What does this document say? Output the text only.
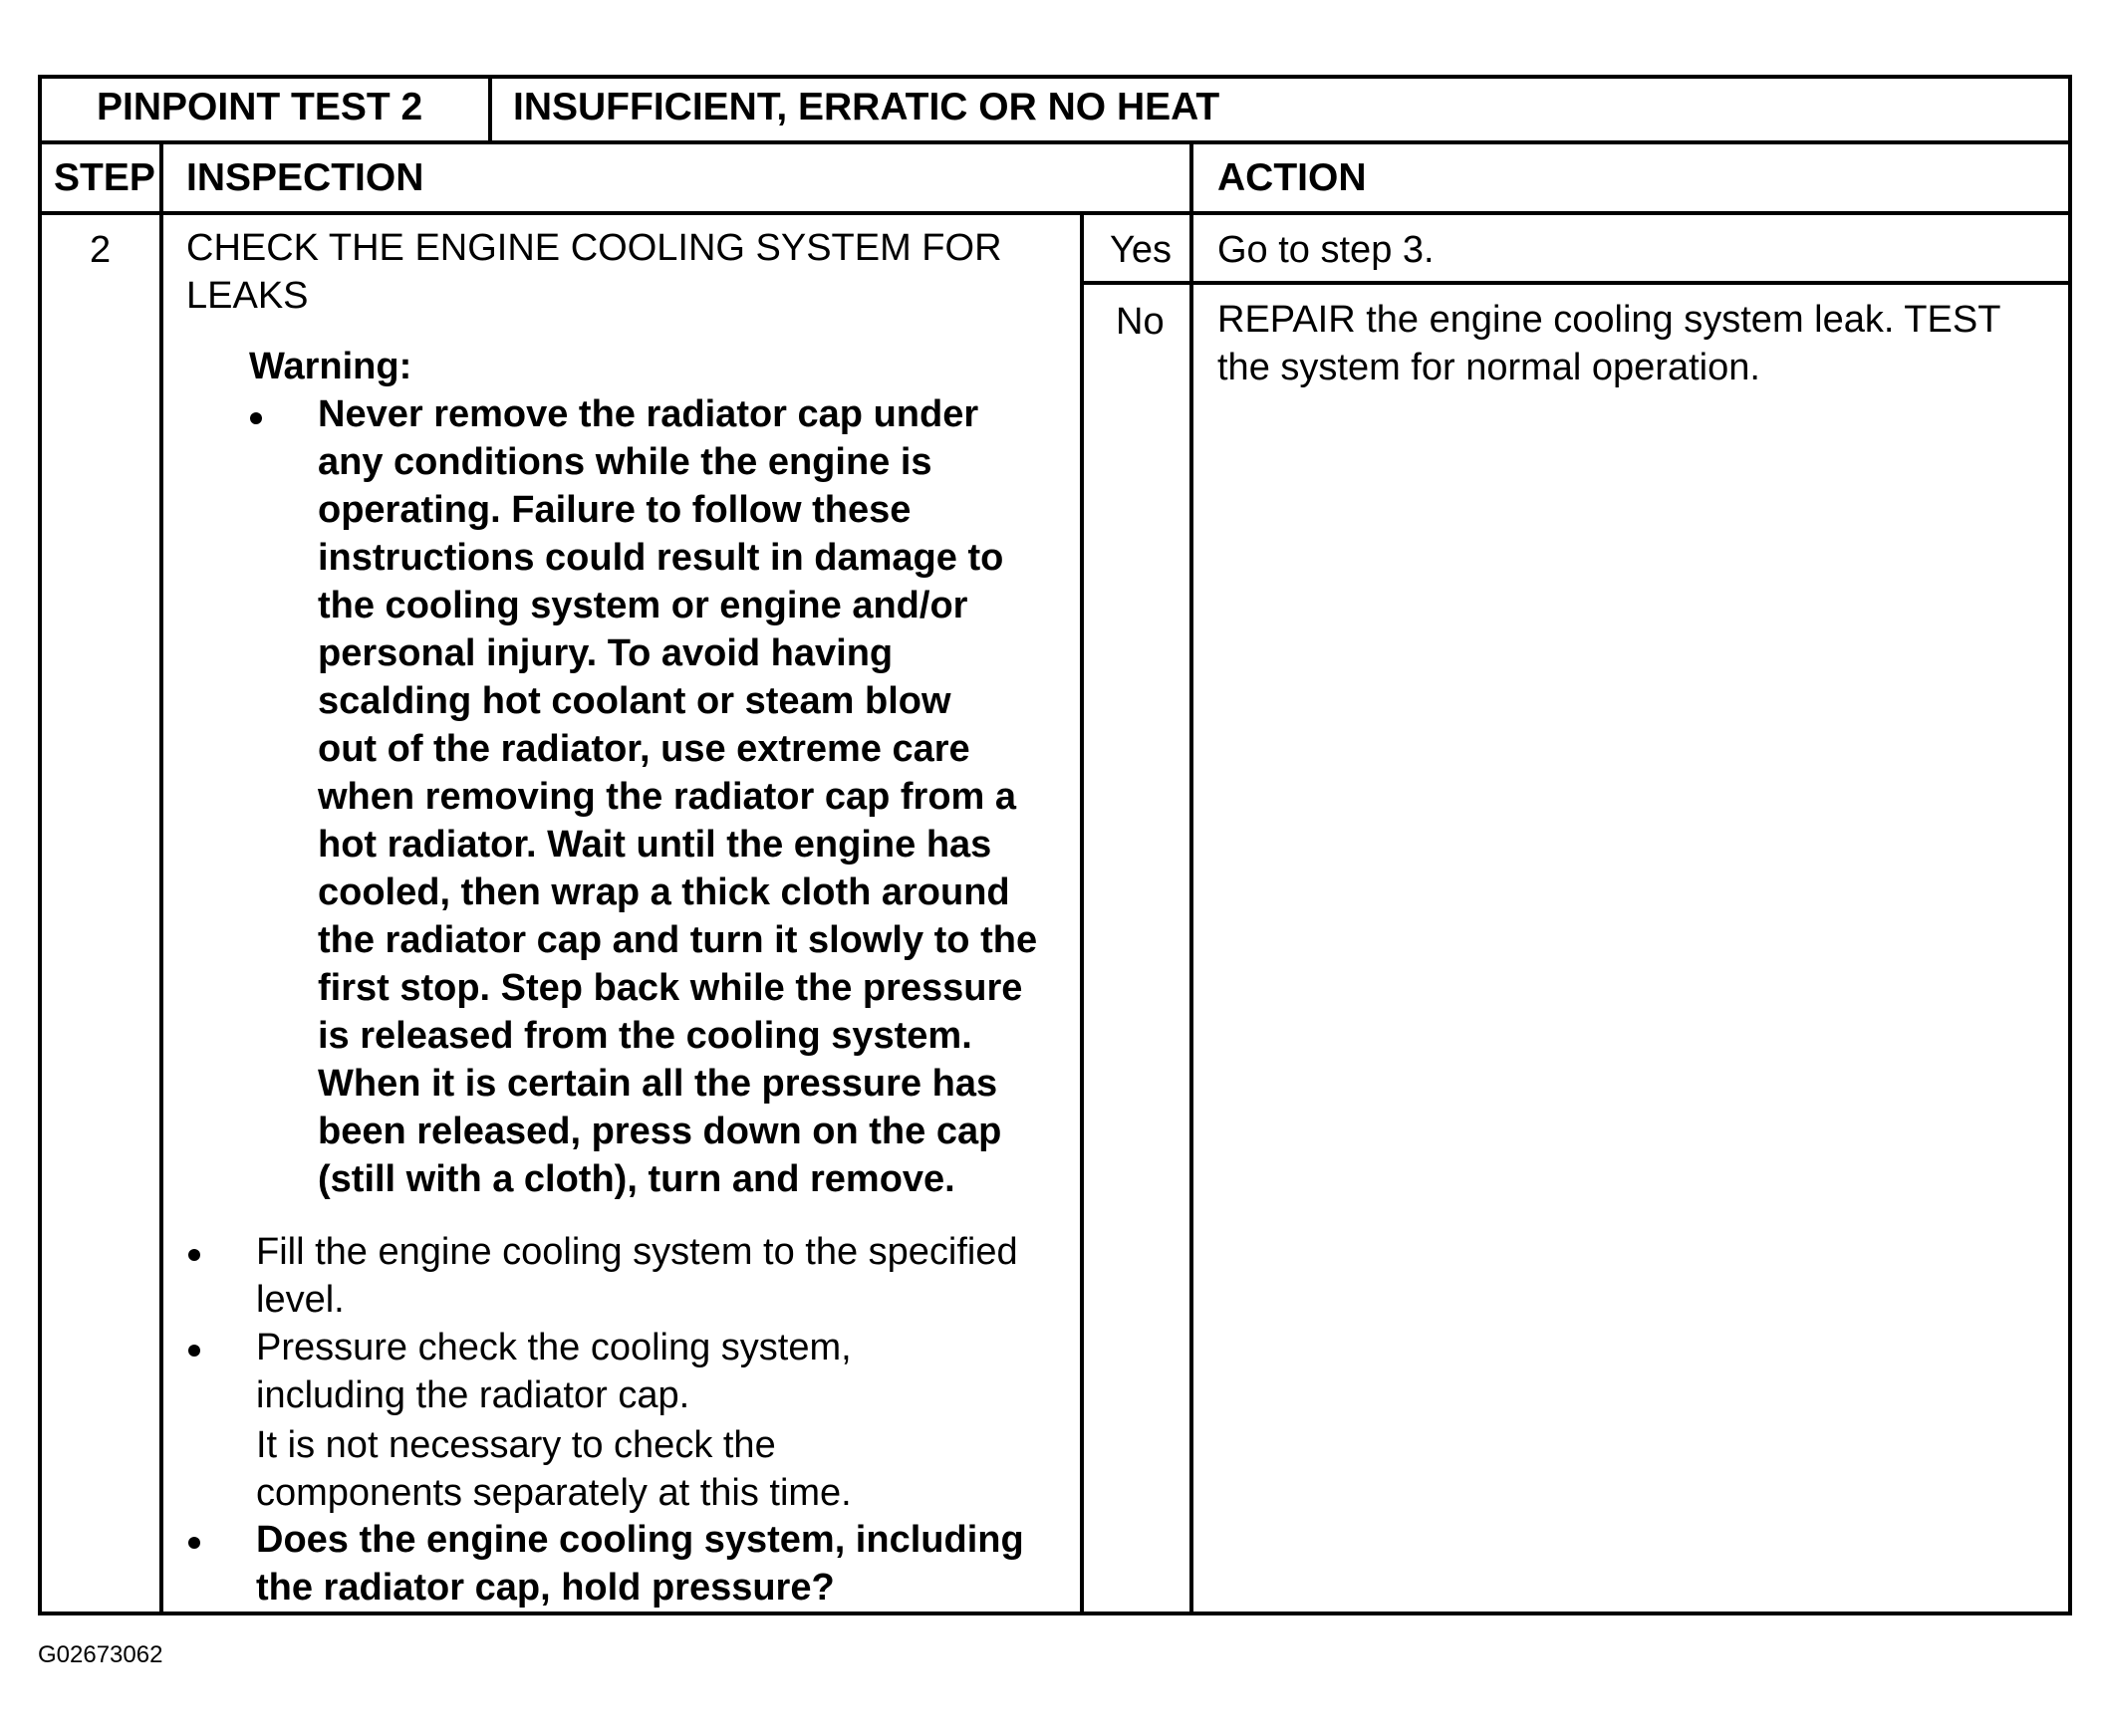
PINPOINT TEST 2 INSUFFICIENT, ERRATIC OR NO HEAT
STEP INSPECTION	ACTION
2 CHECK THE ENGINE COOLING SYSTEM FOR
LEAKS
Warning:
Never remove the radiator cap under
any conditions while the engine is
operating. Failure to follow these
instructions could result in damage to
the cooling system or engine and/or
personal injury. To avoid having
scalding hot coolant or steam blow
out of the radiator, use extreme care
when removing the radiator cap from a
hot radiator. Wait until the engine has
cooled, then wrap a thick cloth around
the radiator cap and turn it slowly to the
first stop. Step back while the pressure
is released from the cooling system.
When it is certain all the pressure has
been released, press down on the cap
(still with a cloth), turn and remove.
Fill the engine cooling system to the specified
level.
Pressure check the cooling system,
including the radiator cap.
It is not necessary to check the
components separately at this time.
Does the engine cooling system, including
the radiator cap, hold pressure?
Yes Go to step 3.
No REPAIR the engine cooling system leak. TEST
the system for normal operation.
G02673062
